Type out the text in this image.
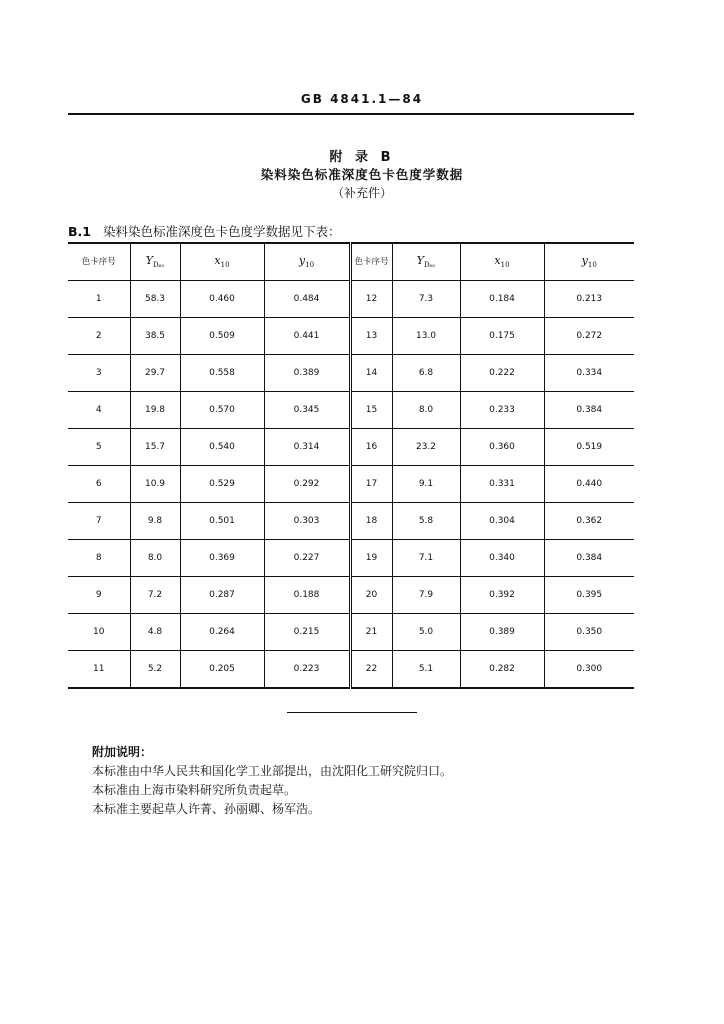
GB 4841.1—84
附 录 B
染料染色标准深度色卡色度学数据
（补充件）
B.1 染料染色标准深度色卡色度学数据见下表：
色卡序号	$Y_{D_{65}}$	$x_{10}$	$y_{10}$	色卡序号	$Y_{D_{65}}$	$x_{10}$	$y_{10}$
1	58.3	0.460	0.484	12	7.3	0.184	0.213
2	38.5	0.509	0.441	13	13.0	0.175	0.272
3	29.7	0.558	0.389	14	6.8	0.222	0.334
4	19.8	0.570	0.345	15	8.0	0.233	0.384
5	15.7	0.540	0.314	16	23.2	0.360	0.519
6	10.9	0.529	0.292	17	9.1	0.331	0.440
7	9.8	0.501	0.303	18	5.8	0.304	0.362
8	8.0	0.369	0.227	19	7.1	0.340	0.384
9	7.2	0.287	0.188	20	7.9	0.392	0.395
10	4.8	0.264	0.215	21	5.0	0.389	0.350
11	5.2	0.205	0.223	22	5.1	0.282	0.300
附加说明：
本标准由中华人民共和国化学工业部提出，由沈阳化工研究院归口。
本标准由上海市染料研究所负责起草。
本标准主要起草人许菁、孙丽卿、杨军浩。
